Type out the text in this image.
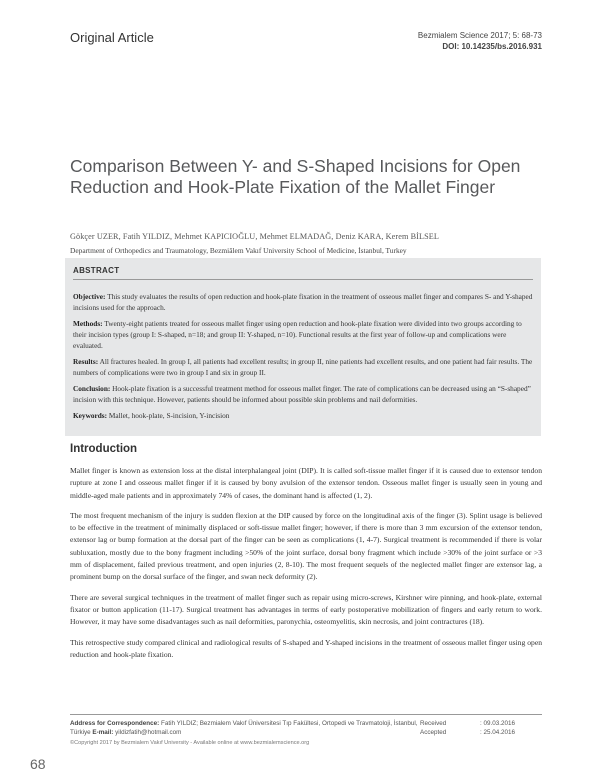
Original Article	Bezmialem Science 2017; 5: 68-73
DOI: 10.14235/bs.2016.931
Comparison Between Y- and S-Shaped Incisions for Open Reduction and Hook-Plate Fixation of the Mallet Finger
Gökçer UZER, Fatih YILDIZ, Mehmet KAPICIOĞLU, Mehmet ELMADAĞ, Deniz KARA, Kerem BİLSEL
Department of Orthopedics and Traumatology, Bezmiâlem Vakıf University School of Medicine, İstanbul, Turkey
ABSTRACT

Objective: This study evaluates the results of open reduction and hook-plate fixation in the treatment of osseous mallet finger and compares S- and Y-shaped incisions used for the approach.

Methods: Twenty-eight patients treated for osseous mallet finger using open reduction and hook-plate fixation were divided into two groups according to their incision types (group I: S-shaped, n=18; and group II: Y-shaped, n=10). Functional results at the first year of follow-up and complications were evaluated.

Results: All fractures healed. In group I, all patients had excellent results; in group II, nine patients had excellent results, and one patient had fair results. The numbers of complications were two in group I and six in group II.

Conclusion: Hook-plate fixation is a successful treatment method for osseous mallet finger. The rate of complications can be decreased using an “S-shaped” incision with this technique. However, patients should be informed about possible skin problems and nail deformities.

Keywords: Mallet, hook-plate, S-incision, Y-incision

Introduction

Mallet finger is known as extension loss at the distal interphalangeal joint (DIP). It is called soft-tissue mallet finger if it is caused due to extensor tendon rupture at zone I and osseous mallet finger if it is caused by bony avulsion of the extensor tendon. Osseous mallet finger is usually seen in young and middle-aged male patients and in approximately 74% of cases, the dominant hand is affected (1, 2).

The most frequent mechanism of the injury is sudden flexion at the DIP caused by force on the longitudinal axis of the finger (3). Splint usage is believed to be effective in the treatment of minimally displaced or soft-tissue mallet finger; however, if there is more than 3 mm excursion of the extensor tendon, extensor lag or bump formation at the dorsal part of the finger can be seen as complications (1, 4-7). Surgical treatment is recommended if there is volar subluxation, mostly due to the bony fragment including >50% of the joint surface, dorsal bony fragment which include >30% of the joint surface or >3 mm of displacement, failed previous treatment, and open injuries (2, 8-10). The most frequent sequels of the neglected mallet finger are extensor lag, a prominent bump on the dorsal surface of the finger, and swan neck deformity (2).

There are several surgical techniques in the treatment of mallet finger such as repair using micro-screws, Kirshner wire pinning, and hook-plate, external fixator or button application (11-17). Surgical treatment has advantages in terms of early postoperative mobilization of fingers and early return to work. However, it may have some disadvantages such as nail deformities, paronychia, osteomyelitis, skin necrosis, and joint contractures (18).

This retrospective study compared clinical and radiological results of S-shaped and Y-shaped incisions in the treatment of osseous mallet finger using open reduction and hook-plate fixation.

Address for Correspondence: Fatih YILDIZ; Bezmialem Vakıf Üniversitesi Tıp Fakültesi, Ortopedi ve Travmatoloji, İstanbul, Türkiye E-mail: yildizfatih@hotmail.com
©Copyright 2017 by Bezmialem Vakıf University - Available online at www.bezmialemscience.org
Received	: 09.03.2016
Accepted	: 25.04.2016
68
